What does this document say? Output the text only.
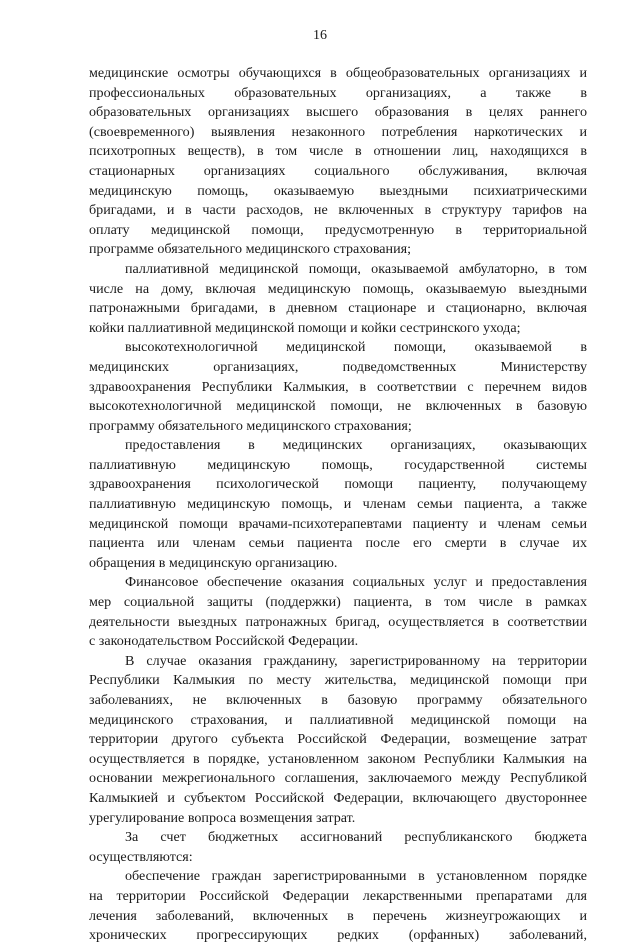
16
медицинские осмотры обучающихся в общеобразовательных организациях и
профессиональных образовательных организациях, а также в
образовательных организациях высшего образования в целях раннего
(своевременного) выявления незаконного потребления наркотических и
психотропных веществ), в том числе в отношении лиц, находящихся в
стационарных организациях социального обслуживания, включая
медицинскую помощь, оказываемую выездными психиатрическими
бригадами, и в части расходов, не включенных в структуру тарифов на
оплату медицинской помощи, предусмотренную в территориальной
программе обязательного медицинского страхования;
паллиативной медицинской помощи, оказываемой амбулаторно, в том
числе на дому, включая медицинскую помощь, оказываемую выездными
патронажными бригадами, в дневном стационаре и стационарно, включая
койки паллиативной медицинской помощи и койки сестринского ухода;
высокотехнологичной медицинской помощи, оказываемой в
медицинских организациях, подведомственных Министерству
здравоохранения Республики Калмыкия, в соответствии с перечнем видов
высокотехнологичной медицинской помощи, не включенных в базовую
программу обязательного медицинского страхования;
предоставления в медицинских организациях, оказывающих
паллиативную медицинскую помощь, государственной системы
здравоохранения психологической помощи пациенту, получающему
паллиативную медицинскую помощь, и членам семьи пациента, а также
медицинской помощи врачами-психотерапевтами пациенту и членам семьи
пациента или членам семьи пациента после его смерти в случае их
обращения в медицинскую организацию.
Финансовое обеспечение оказания социальных услуг и предоставления
мер социальной защиты (поддержки) пациента, в том числе в рамках
деятельности выездных патронажных бригад, осуществляется в соответствии
с законодательством Российской Федерации.
В случае оказания гражданину, зарегистрированному на территории
Республики Калмыкия по месту жительства, медицинской помощи при
заболеваниях, не включенных в базовую программу обязательного
медицинского страхования, и паллиативной медицинской помощи на
территории другого субъекта Российской Федерации, возмещение затрат
осуществляется в порядке, установленном законом Республики Калмыкия на
основании межрегионального соглашения, заключаемого между Республикой
Калмыкией и субъектом Российской Федерации, включающего двустороннее
урегулирование вопроса возмещения затрат.
За счет бюджетных ассигнований республиканского бюджета
осуществляются:
обеспечение граждан зарегистрированными в установленном порядке
на территории Российской Федерации лекарственными препаратами для
лечения заболеваний, включенных в перечень жизнеугрожающих и
хронических прогрессирующих редких (орфанных) заболеваний,
